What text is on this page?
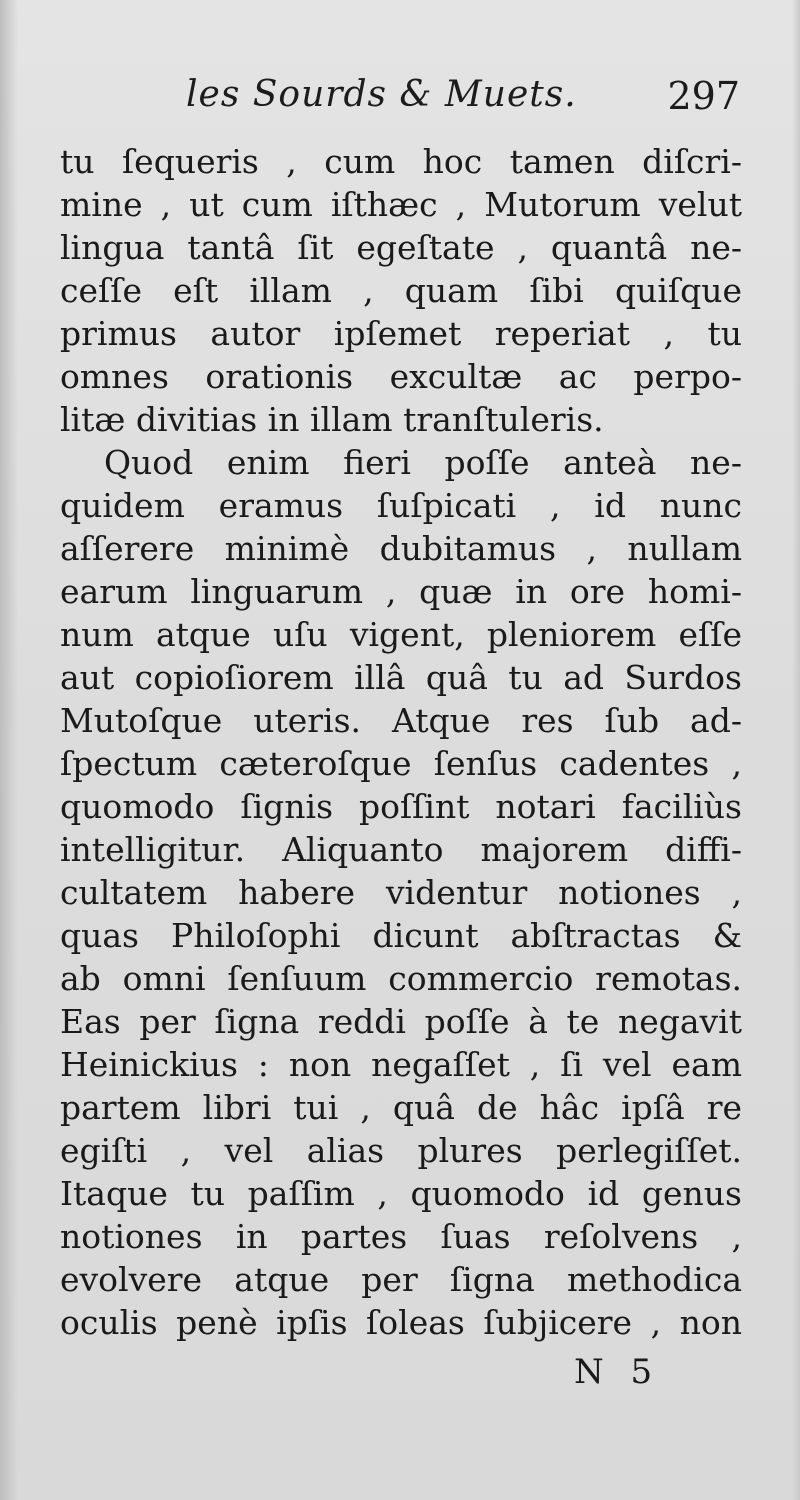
les Sourds & Muets. 297
tu ſequeris , cum hoc tamen diſcri-
mine , ut cum iſthæc , Mutorum velut
lingua tantâ ſit egeſtate , quantâ ne-
ceſſe eſt illam , quam ſibi quiſque
primus autor ipſemet reperiat , tu
omnes orationis excultæ ac perpo-
litæ divitias in illam tranſtuleris.
Quod enim fieri poſſe anteà ne-
quidem eramus ſuſpicati , id nunc
aſſerere minimè dubitamus , nullam
earum linguarum , quæ in ore homi-
num atque uſu vigent, pleniorem eſſe
aut copioſiorem illâ quâ tu ad Surdos
Mutoſque uteris. Atque res ſub ad-
ſpectum cæteroſque ſenſus cadentes ,
quomodo ſignis poſſint notari faciliùs
intelligitur. Aliquanto majorem diffi-
cultatem habere videntur notiones ,
quas Philoſophi dicunt abſtractas &
ab omni ſenſuum commercio remotas.
Eas per ſigna reddi poſſe à te negavit
Heinickius : non negaſſet , ſi vel eam
partem libri tui , quâ de hâc ipſâ re
egiſti , vel alias plures perlegiſſet.
Itaque tu paſſim , quomodo id genus
notiones in partes ſuas reſolvens ,
evolvere atque per ſigna methodica
oculis penè ipſis ſoleas ſubjicere , non
N 5
